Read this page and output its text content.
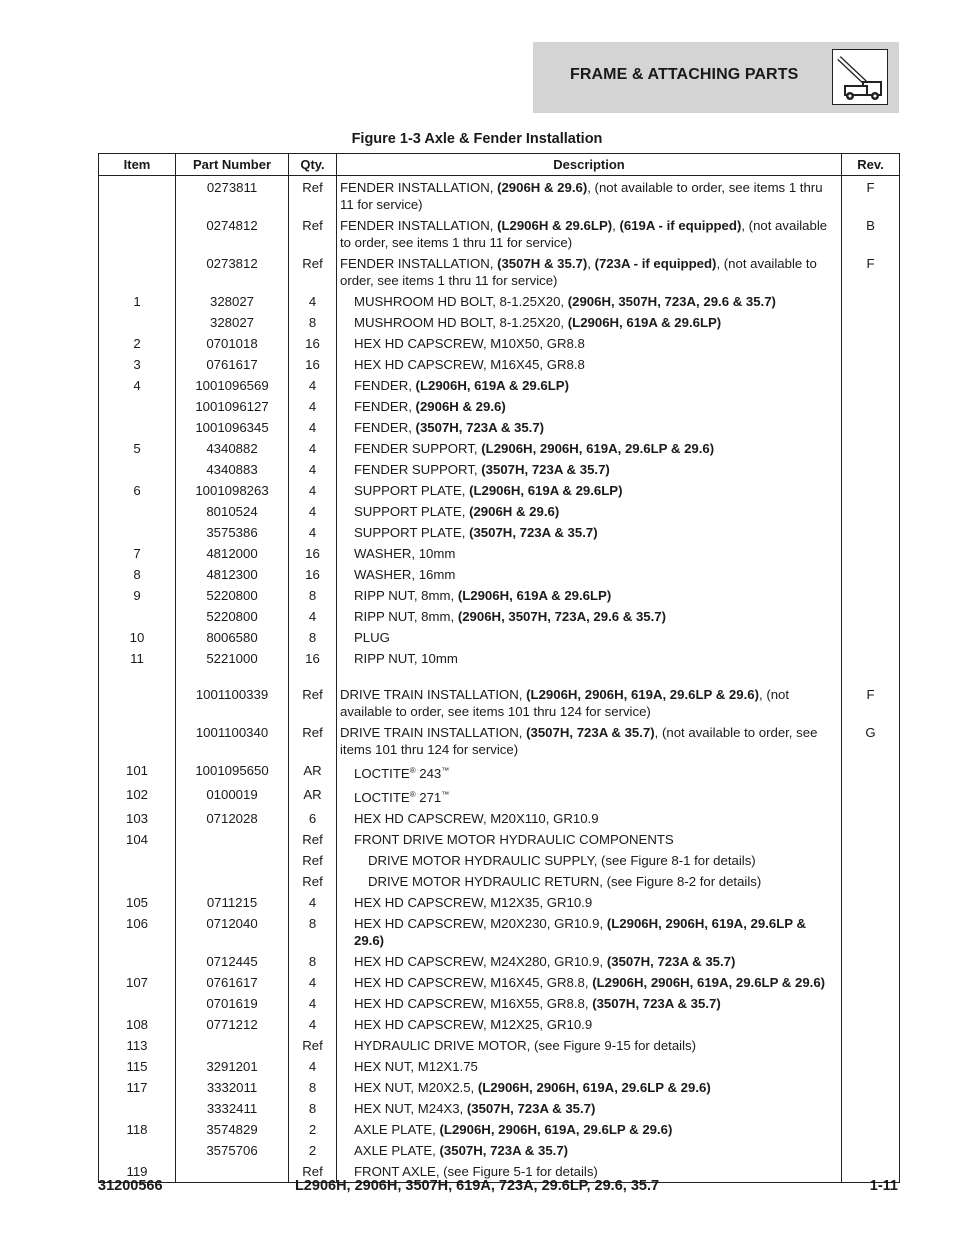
FRAME & ATTACHING PARTS
Figure 1-3 Axle & Fender Installation
Item	Part Number	Qty.	Description	Rev.
	0273811	Ref	FENDER INSTALLATION, (2906H & 29.6), (not available to order, see items 1 thru 11 for service)	F
	0274812	Ref	FENDER INSTALLATION, (L2906H & 29.6LP), (619A - if equipped), (not available to order, see items 1 thru 11 for service)	B
	0273812	Ref	FENDER INSTALLATION, (3507H & 35.7), (723A - if equipped), (not available to order, see items 1 thru 11 for service)	F
1	328027	4	MUSHROOM HD BOLT, 8-1.25X20, (2906H, 3507H, 723A, 29.6 & 35.7)	

	328027	8	MUSHROOM HD BOLT, 8-1.25X20, (L2906H, 619A & 29.6LP)	

2	0701018	16	HEX HD CAPSCREW, M10X50, GR8.8	

3	0761617	16	HEX HD CAPSCREW, M16X45, GR8.8	

4	1001096569	4	FENDER, (L2906H, 619A & 29.6LP)	

	1001096127	4	FENDER, (2906H & 29.6)	

	1001096345	4	FENDER, (3507H, 723A & 35.7)	

5	4340882	4	FENDER SUPPORT, (L2906H, 2906H, 619A, 29.6LP & 29.6)	

	4340883	4	FENDER SUPPORT, (3507H, 723A & 35.7)	

6	1001098263	4	SUPPORT PLATE, (L2906H, 619A & 29.6LP)	

	8010524	4	SUPPORT PLATE, (2906H & 29.6)	

	3575386	4	SUPPORT PLATE, (3507H, 723A & 35.7)	

7	4812000	16	WASHER, 10mm	

8	4812300	16	WASHER, 16mm	

9	5220800	8	RIPP NUT, 8mm, (L2906H, 619A & 29.6LP)	

	5220800	4	RIPP NUT, 8mm, (2906H, 3507H, 723A, 29.6 & 35.7)	

10	8006580	8	PLUG	

11	5221000	16	RIPP NUT, 10mm	

	1001100339	Ref	DRIVE TRAIN INSTALLATION, (L2906H, 2906H, 619A, 29.6LP & 29.6), (not available to order, see items 101 thru 124 for service)	F
	1001100340	Ref	DRIVE TRAIN INSTALLATION, (3507H, 723A & 35.7), (not available to order, see items 101 thru 124 for service)	G
101	1001095650	AR	LOCTITE® 243™

102	0100019	AR	LOCTITE® 271™

103	0712028	6	HEX HD CAPSCREW, M20X110, GR10.9	

104		Ref	FRONT DRIVE MOTOR HYDRAULIC COMPONENTS	

		Ref	DRIVE MOTOR HYDRAULIC SUPPLY, (see Figure 8-1 for details)	

		Ref	DRIVE MOTOR HYDRAULIC RETURN, (see Figure 8-2 for details)	

105	0711215	4	HEX HD CAPSCREW, M12X35, GR10.9	

106	0712040	8	HEX HD CAPSCREW, M20X230, GR10.9, (L2906H, 2906H, 619A, 29.6LP & 29.6)	

	0712445	8	HEX HD CAPSCREW, M24X280, GR10.9, (3507H, 723A & 35.7)	

107	0761617	4	HEX HD CAPSCREW, M16X45, GR8.8, (L2906H, 2906H, 619A, 29.6LP & 29.6)	

	0701619	4	HEX HD CAPSCREW, M16X55, GR8.8, (3507H, 723A & 35.7)	

108	0771212	4	HEX HD CAPSCREW, M12X25, GR10.9	

113		Ref	HYDRAULIC DRIVE MOTOR, (see Figure 9-15 for details)	

115	3291201	4	HEX NUT, M12X1.75	

117	3332011	8	HEX NUT, M20X2.5, (L2906H, 2906H, 619A, 29.6LP & 29.6)	

	3332411	8	HEX NUT, M24X3, (3507H, 723A & 35.7)	

118	3574829	2	AXLE PLATE, (L2906H, 2906H, 619A, 29.6LP & 29.6)	

	3575706	2	AXLE PLATE, (3507H, 723A & 35.7)	

119		Ref	FRONT AXLE, (see Figure 5-1 for details)	

31200566	L2906H, 2906H, 3507H, 619A, 723A, 29.6LP, 29.6, 35.7	1-11
